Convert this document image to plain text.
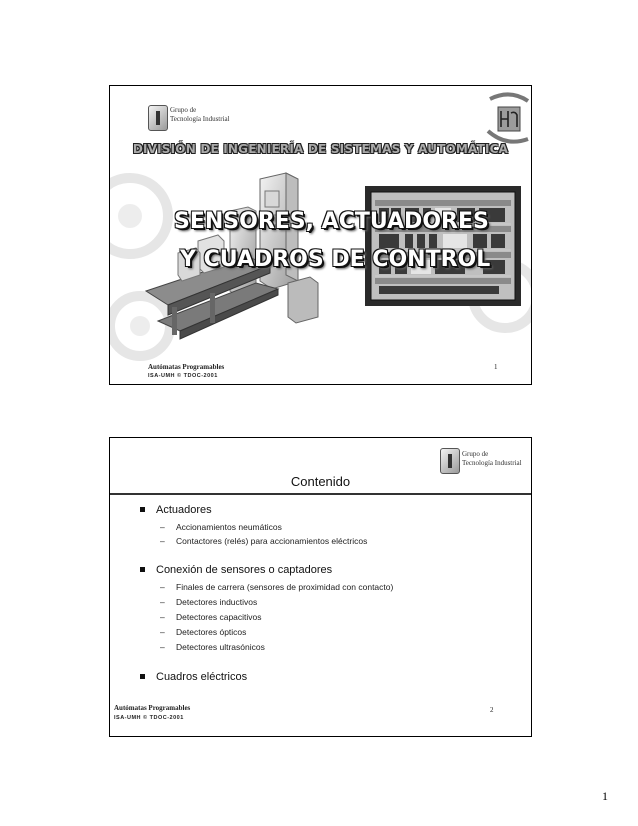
Grupo de
Tecnología Industrial
DIVISIÓN DE INGENIERÍA DE SISTEMAS Y AUTOMÁTICA
SENSORES, ACTUADORES
Y CUADROS DE CONTROL
Autómatas Programables	1
ISA-UMH © TDOC-2001
Grupo de
Tecnología Industrial
Contenido
Actuadores
– Accionamientos neumáticos
– Contactores (relés) para accionamientos eléctricos
Conexión de sensores o captadores
– Finales de carrera (sensores de proximidad con contacto)
– Detectores inductivos
– Detectores capacitivos
– Detectores ópticos
– Detectores ultrasónicos
Cuadros eléctricos
Autómatas Programables	2
ISA-UMH © TDOC-2001
1
